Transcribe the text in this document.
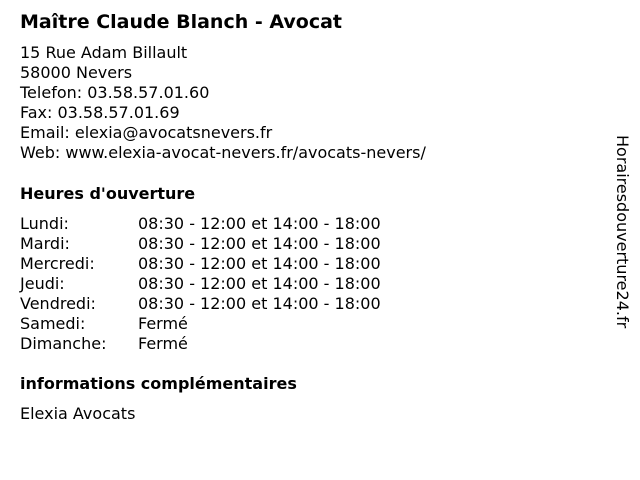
Maître Claude Blanch - Avocat
15 Rue Adam Billault
58000 Nevers
Telefon: 03.58.57.01.60
Fax: 03.58.57.01.69
Email: elexia@avocatsnevers.fr
Web: www.elexia-avocat-nevers.fr/avocats-nevers/
Heures d'ouverture
Lundi:	08:30 - 12:00 et 14:00 - 18:00
Mardi:	08:30 - 12:00 et 14:00 - 18:00
Mercredi:	08:30 - 12:00 et 14:00 - 18:00
Jeudi:	08:30 - 12:00 et 14:00 - 18:00
Vendredi:	08:30 - 12:00 et 14:00 - 18:00
Samedi:	Fermé
Dimanche: Fermé
informations complémentaires
Elexia Avocats
Horairesdouverture24.fr
